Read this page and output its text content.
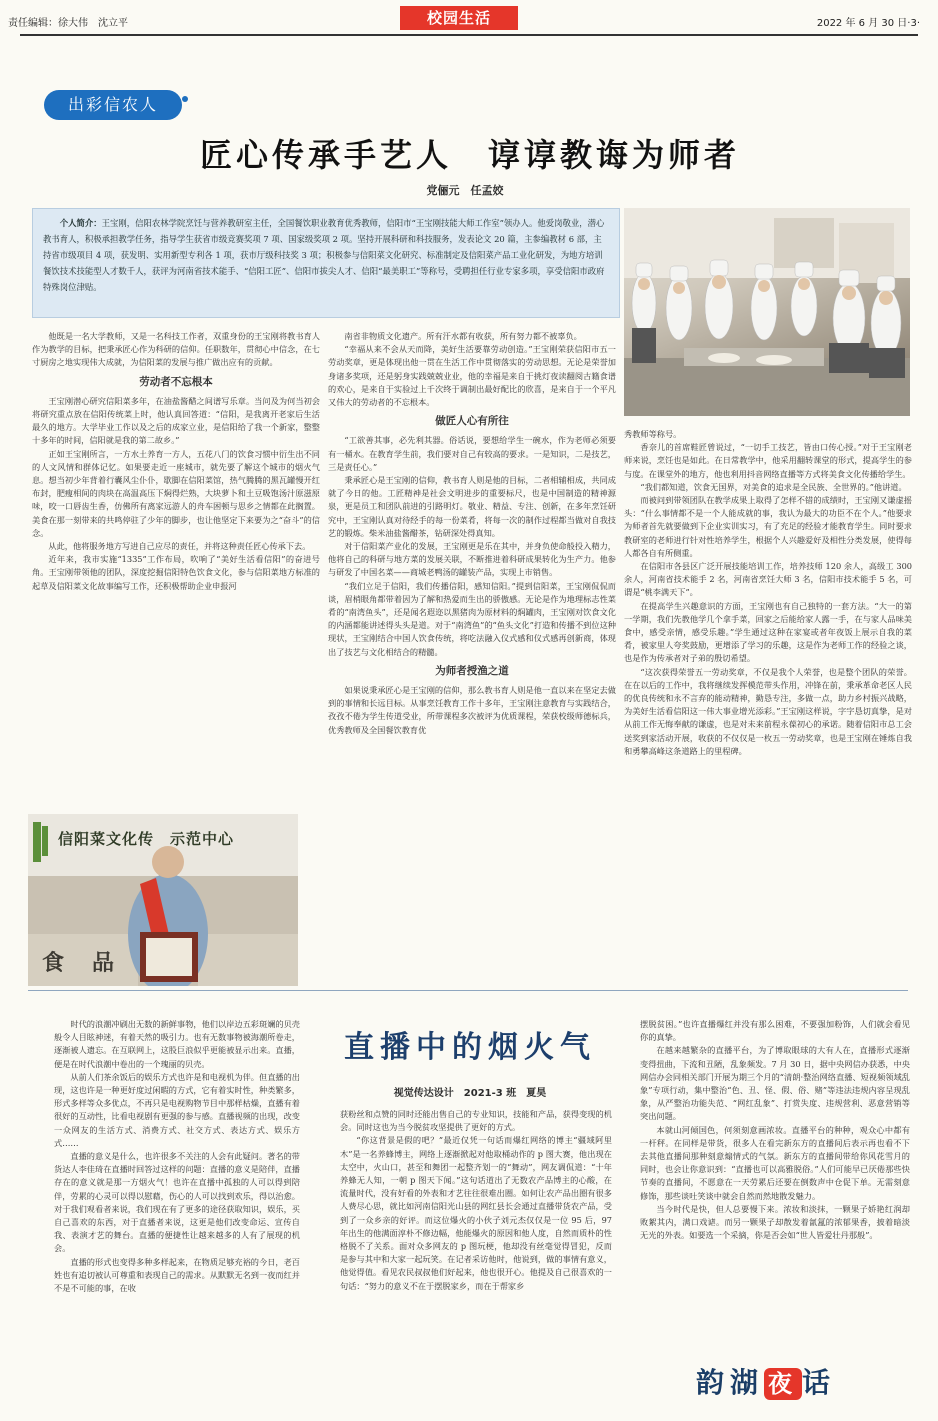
责任编辑：徐大伟　沈立平	校园生活	2022 年 6 月 30 日·3·
出彩信农人
匠心传承手艺人　谆谆教诲为师者
党俪元　任孟姣
个人简介：王宝刚，信阳农林学院烹饪与营养教研室主任，全国餐饮职业教育优秀教师，信阳市“王宝刚技能大师工作室”领办人。他爱岗敬业，潜心教书育人，积极承担教学任务，指导学生获省市级竞赛奖项 7 项、国家级奖项 2 项。坚持开展科研和科技服务，发表论文 20 篇，主参编教材 6 部，主持省市级项目 4 项，获发明、实用新型专利各 1 项，获市厅级科技奖 3 项；积极参与信阳菜文化研究、标准制定及信阳菜产品工业化研发，为地方培训餐饮技术技能型人才数千人，获评为河南省技术能手、“信阳工匠”、信阳市拔尖人才、信阳“最美职工”等称号，受聘担任行业专家多项，享受信阳市政府特殊岗位津贴。

他既是一名大学教师，又是一名科技工作者，双重身份的王宝刚将教书育人作为教学的目标，把秉承匠心作为科研的信仰。任职数年，贯彻心中信念，在七寸厨房之地实现伟大成就，为信阳菜的发展与推广做出应有的贡献。

劳动者不忘根本

王宝刚潜心研究信阳菜多年，在油盐酱醋之间谱写乐章。当问及为何当初会将研究重点放在信阳传统菜上时，他认真回答道：“信阳，是我离开老家后生活最久的地方。大学毕业工作以及之后的成家立业，是信阳给了我一个新家，整整十多年的时间，信阳就是我的第二故乡。”

正如王宝刚所言，一方水土养育一方人，五花八门的饮食习惯中衍生出不同的人文风情和群体记忆。如果要走近一座城市，就先要了解这个城市的烟火气息。想当初少年背着行囊风尘仆仆，歇脚在信阳菜馆，热气腾腾的黑瓦罐慢开红布封，肥瘦相间的肉块在高温高压下焖得烂熟，大块萝卜和土豆吸饱汤汁原滋原味，咬一口唇齿生香，仿佛所有离家远游人的舟车困顿与思乡之情都在此搁置。美食在那一刻带来的共鸣停驻了少年的脚步，也让他坚定下来要为之“奋斗”的信念。

从此，他将服务地方写进自己应尽的责任，并将这种责任匠心传承下去。

近年来，我市实施“1335”工作布局，吹响了“美好生活看信阳”的奋进号角。王宝刚带领他的团队，深度挖掘信阳特色饮食文化，参与信阳菜地方标准的起草及信阳菜文化故事编写工作，还积极帮助企业申报河

信阳菜文化传　示范中心
食品

南省非物质文化遗产。所有汗水都有收获，所有努力都不被辜负。

“幸福从来不会从天而降，美好生活要靠劳动创造。”王宝刚荣获信阳市五一劳动奖章，更是体现出他一贯在生活工作中贯彻落实的劳动思想。无论是荣誉加身诸多奖项，还是躬身实践兢兢业业，他的幸福是来自于挑灯夜读翻阅古籍食谱的欢心，是来自于实验过上千次终于调制出最好配比的欣喜，是来自于一个平凡又伟大的劳动者的不忘根本。

做匠人心有所往

“工欲善其事，必先利其器。俗话说，要想给学生一碗水，作为老师必须要有一桶水。在教育学生前，我们要对自己有较高的要求。一是知识，二是技艺，三是责任心。”

秉承匠心是王宝刚的信仰，教书育人则是他的目标，二者相辅相成，共同成就了今日的他。工匠精神是社会文明进步的重要标尺，也是中国制造的精神源泉，更是员工和团队前进的引路明灯。敬业、精益、专注、创新，在多年烹饪研究中，王宝刚认真对待经手的每一份菜肴，将每一次的制作过程都当做对自我技艺的锻炼。柴米油盐酱醋茶，钻研深处得真知。

对于信阳菜产业化的发展，王宝刚更是乐在其中，并身负使命般投入精力，他将自己的科研与地方菜的发展关联，不断推进着科研成果转化为生产力。他参与研发了中国名菜——商城老鸭汤的罐装产品，实现上市销售。

“我们立足于信阳，我们传播信阳，感知信阳。”提到信阳菜，王宝刚侃侃而谈，眉梢眼角都带着因为了解和热爱而生出的骄傲感。无论是作为地理标志性菜肴的“南湾鱼头”，还是闻名遐迩以黑猪肉为原材料的焖罐肉，王宝刚对饮食文化的内涵都能讲述得头头是道。对于“南湾鱼”的“鱼头文化”打造和传播不到位这种现状，王宝刚结合中国人饮食传统，将吃法融入仪式感和仪式感再创新商，体现出了技艺与文化相结合的精髓。

为师者授渔之道

如果说秉承匠心是王宝刚的信仰，那么教书育人则是他一直以来在坚定去做到的事情和长远目标。从事烹饪教育工作十多年，王宝刚注意教育与实践结合，孜孜不倦为学生传道受业，所带课程多次被评为优质课程，荣获校级师德标兵，优秀教师及全国餐饮教育优

秀教师等称号。

香奈儿的首席鞋匠曾说过，“一切手工技艺，皆由口传心授。”对于王宝刚老师来说，烹饪也是如此。在日常教学中，他采用翻转课堂的形式，提高学生的参与度。在课堂外的地方，他也利用抖音网络直播等方式将美食文化传播给学生。

“我们都知道，饮食无国界，对美食的追求是全民族、全世界的。”他讲道。

而被问到带领团队在教学成果上取得了怎样不错的成绩时，王宝刚又谦虚摇头：“什么事情都不是一个人能成就的事，我认为最大的功臣不在个人。”他要求为师者首先就要做到下企业实训实习，有了充足的经验才能教育学生。同时要求教研室的老师进行针对性培养学生，根据个人兴趣爱好及相性分类发展，使得每人都各自有所侧重。

在信阳市各县区广泛开展技能培训工作，培养技师 120 余人，高级工 300 余人，河南省技术能手 2 名，河南省烹饪大师 3 名，信阳市技术能手 5 名，可谓是“桃李满天下”。

在提高学生兴趣意识的方面，王宝刚也有自己独特的一套方法。“大一的第一学期，我们先教他学几个拿手菜，回家之后能给家人露一手，在与家人品味美食中，感受亲情，感受乐趣。”学生通过这种在家宴或者年夜饭上展示自我的菜肴，被家里人夸奖鼓励，更增添了学习的乐趣，这是作为老师工作的经验之谈，也是作为传承者对子弟的殷切希望。

“这次获得荣誉五一劳动奖章，不仅是我个人荣誉，也是整个团队的荣誉。在在以后的工作中，我将继续发挥模范带头作用，冲锋在前，秉承革命老区人民的优良传统和永不言弃的能动精神，勤恳专注，多做一点，助力乡村振兴战略，为美好生活看信阳这一伟大事业增光添彩。”王宝刚这样说，字字恳切真挚，是对从前工作无悔奉献的谦虚，也是对未来前程永葆初心的承诺。随着信阳市总工会送奖到家活动开展，收获的不仅仅是一枚五一劳动奖章，也是王宝刚在锤炼自我和勇攀高峰这条道路上的里程碑。

直播中的烟火气
视觉传达设计　2021-3 班　夏昊

时代的浪潮冲刷出无数的新鲜事物，他们以岸边五彩斑斓的贝壳般令人目眩神迷，有着天然的吸引力。也有无数事物被海潮所卷走，逐渐被人遗忘。在互联网上，这股巨浪似乎更能被显示出来。直播，便是在时代浪潮中卷出的一个瑰丽的贝壳。

从前人们茶余饭后的娱乐方式也许是和电视机为伴。但直播的出现，这也许是一种更好度过闲暇的方式，它有着实时性，种类繁多，形式多样等众多优点，不再只是电视购物节目中那样枯燥，直播有着很好的互动性，比看电视剧有更强的参与感。直播视频的出现，改变一众网友的生活方式、消费方式、社交方式、表达方式、娱乐方式……

直播的意义是什么，也许很多不关注的人会有此疑问。著名的带货达人李佳琦在直播时回答过这样的问题：直播的意义是陪伴，直播存在的意义就是那一方烟火气！也许在直播中孤独的人可以得到陪伴，劳累的心灵可以得以慰藉，伤心的人可以找到欢乐，得以治愈。对于我们观看者来说，我们现在有了更多的途径获取知识，娱乐，买自己喜欢的东西，对于直播者来说，这更是他们改变命运、宣传自我、表演才艺的舞台。直播的便捷性让越来越多的人有了展现的机会。

直播的形式也变得多种多样起来，在物质足够充裕的今日，老百姓也有追切被认可尊重和表现自己的需求。从默默无名到一夜而红并不是不可能的事，在收

获粉丝和点赞的同时还能出售自己的专业知识，技能和产品，获得变现的机会。同时这也为当今脱贫攻坚提供了更好的方式。

“你这背景是假的吧？”最近仅凭一句话而爆红网络的博主“疆域阿里木”是一名养蜂博主，网络上逐渐掀起对他取桶动作的 p 图大赛，他出现在太空中，火山口，甚至和舞团一起整齐划一的“舞动”，网友调侃道：“十年养蜂无人知，一朝 p 图天下闻。”这句话道出了无数农产品博主的心酸，在流量时代，没有好看的外表和才艺往往很难出圈。如何让农产品出圈有很多人费尽心思，就比如河南信阳光山县的网红县长会通过直播带货农产品，受到了一众乡亲的好评。而这位爆火的小伙子刘元杰仅仅是一位 95 后，97 年出生的他满面淳朴不修边幅，他能爆火的原因和他人度，自然而质朴的性格脱不了关系。面对众多网友的 p 图玩梗，他却没有丝毫觉得冒犯，反而是参与其中和大家一起玩笑。在记者采访他时，他说到，做的事情有意义，他觉得值。看见农民叔叔他们好起来，他也很开心。他提及自己很喜欢的一句话：“努力的意义不在于摆脱家乡，而在于帮家乡

摆脱贫困。”也许直播爆红并没有那么困难，不要强加粉饰，人们就会看见你的真挚。

在越来越繁杂的直播平台，为了博取眼球的大有人在，直播形式逐渐变得扭曲，下流和丑陋，乱象频发。7 月 30 日，据中央网信办获悉，中央网信办会同相关部门开展为期三个月的“清朗·整治网络直播、短视频领域乱象”专项行动，集中整治“色、丑、怪、假、俗、赌”等违法违规内容呈现乱象，从严整治功能失范、“网红乱象”、打赏失度、违规营利、恶意营销等突出问题。

本就山河倾国色，何须刻意画浓妆。直播平台的种种，观众心中都有一杆秤。在同样是带货，很多人在看完新东方的直播间后表示再也看不下去其他直播间那种刻意煽情式的气氛。新东方的直播间带给你风花雪月的同时，也会让你意识到：“直播也可以高雅脱俗。”人们可能早已厌倦那些快节奏的直播间，不愿意在一天劳累后还要在倒数声中仓促下单。无需刻意修饰，那些谈吐笑谈中就会自然而然地散发魅力。

当今时代是快，但人总要慢下来。浓妆和淡抹，一颗果子娇艳红润却败絮其内，满口戏谑。而另一颗果子却散发着氤氲的浓郁果香，披着暗淡无光的外表。如要选一个采摘，你是否会如“世人皆爱壮丹那般”。

韵湖 夜 话
